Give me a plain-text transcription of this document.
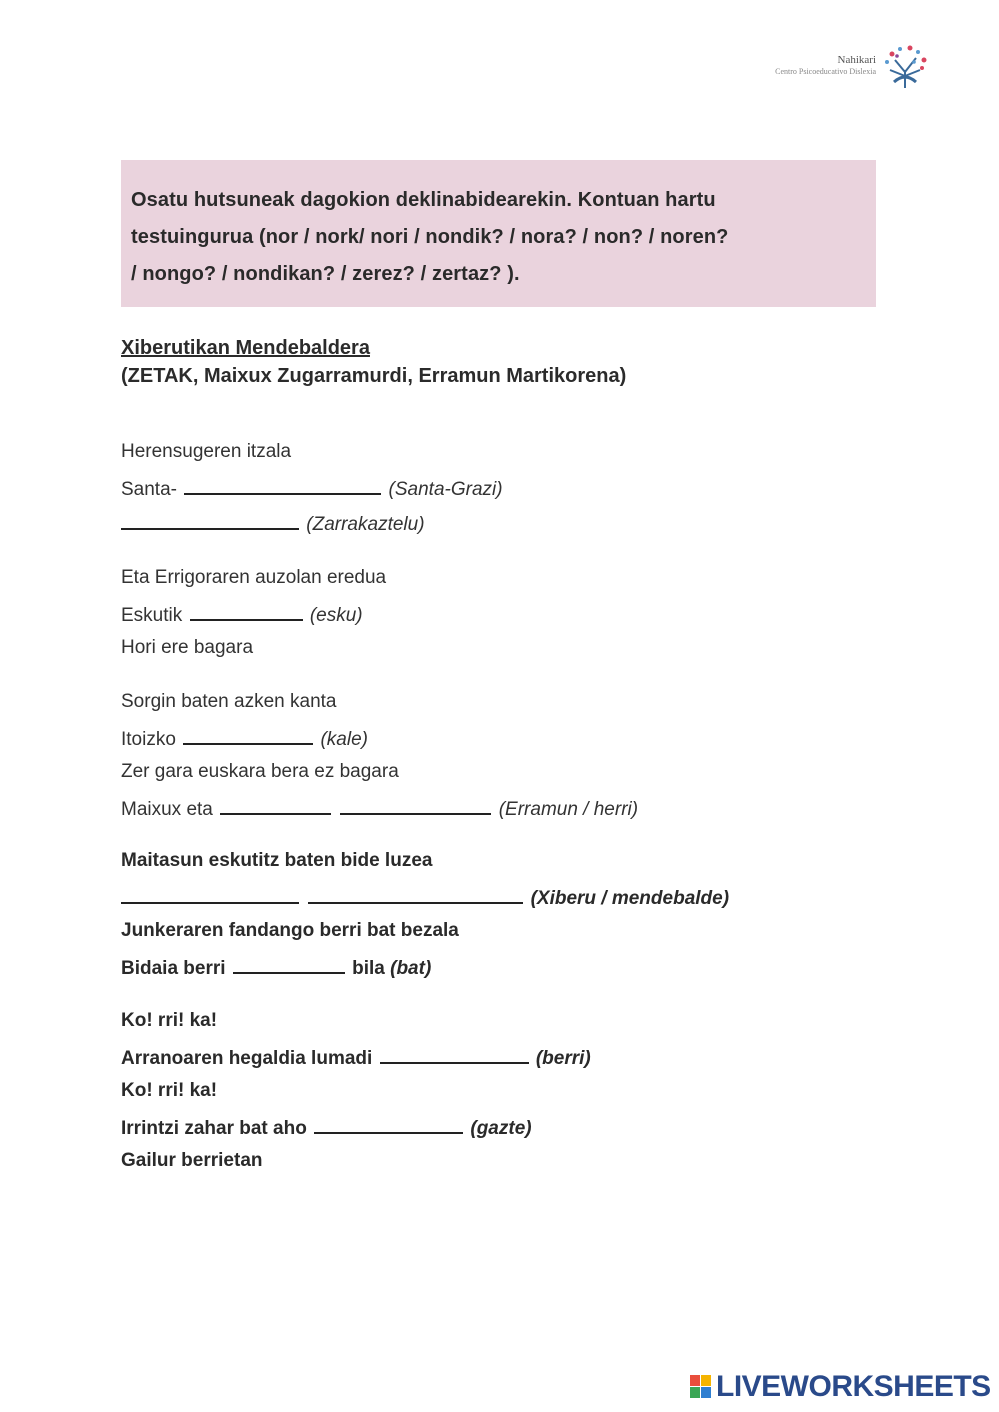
Nahikari
Centro Psicoeducativo Dislexia

Osatu hutsuneak dagokion deklinabidearekin. Kontuan hartu

testuingurua (nor / nork/ nori / nondik? / nora? / non? / noren?

/ nongo? / nondikan? / zerez? / zertaz? ).

Xiberutikan Mendebaldera
(ZETAK, Maixux Zugarramurdi, Erramun Martikorena)
Herensugeren itzala
Santa-	(Santa-Grazi)
(Zarrakaztelu)
Eta Errigoraren auzolan eredua
Eskutik	(esku)
Hori ere bagara
Sorgin baten azken kanta
Itoizko	(kale)
Zer gara euskara bera ez bagara
Maixux eta	(Erramun / herri)
Maitasun eskutitz baten bide luzea
(Xiberu / mendebalde)
Junkeraren fandango berri bat bezala
Bidaia berri	bila (bat)
Ko! rri! ka!
Arranoaren hegaldia lumadi	(berri)
Ko! rri! ka!
Irrintzi zahar bat aho	(gazte)
Gailur berrietan
LIVEWORKSHEETS
